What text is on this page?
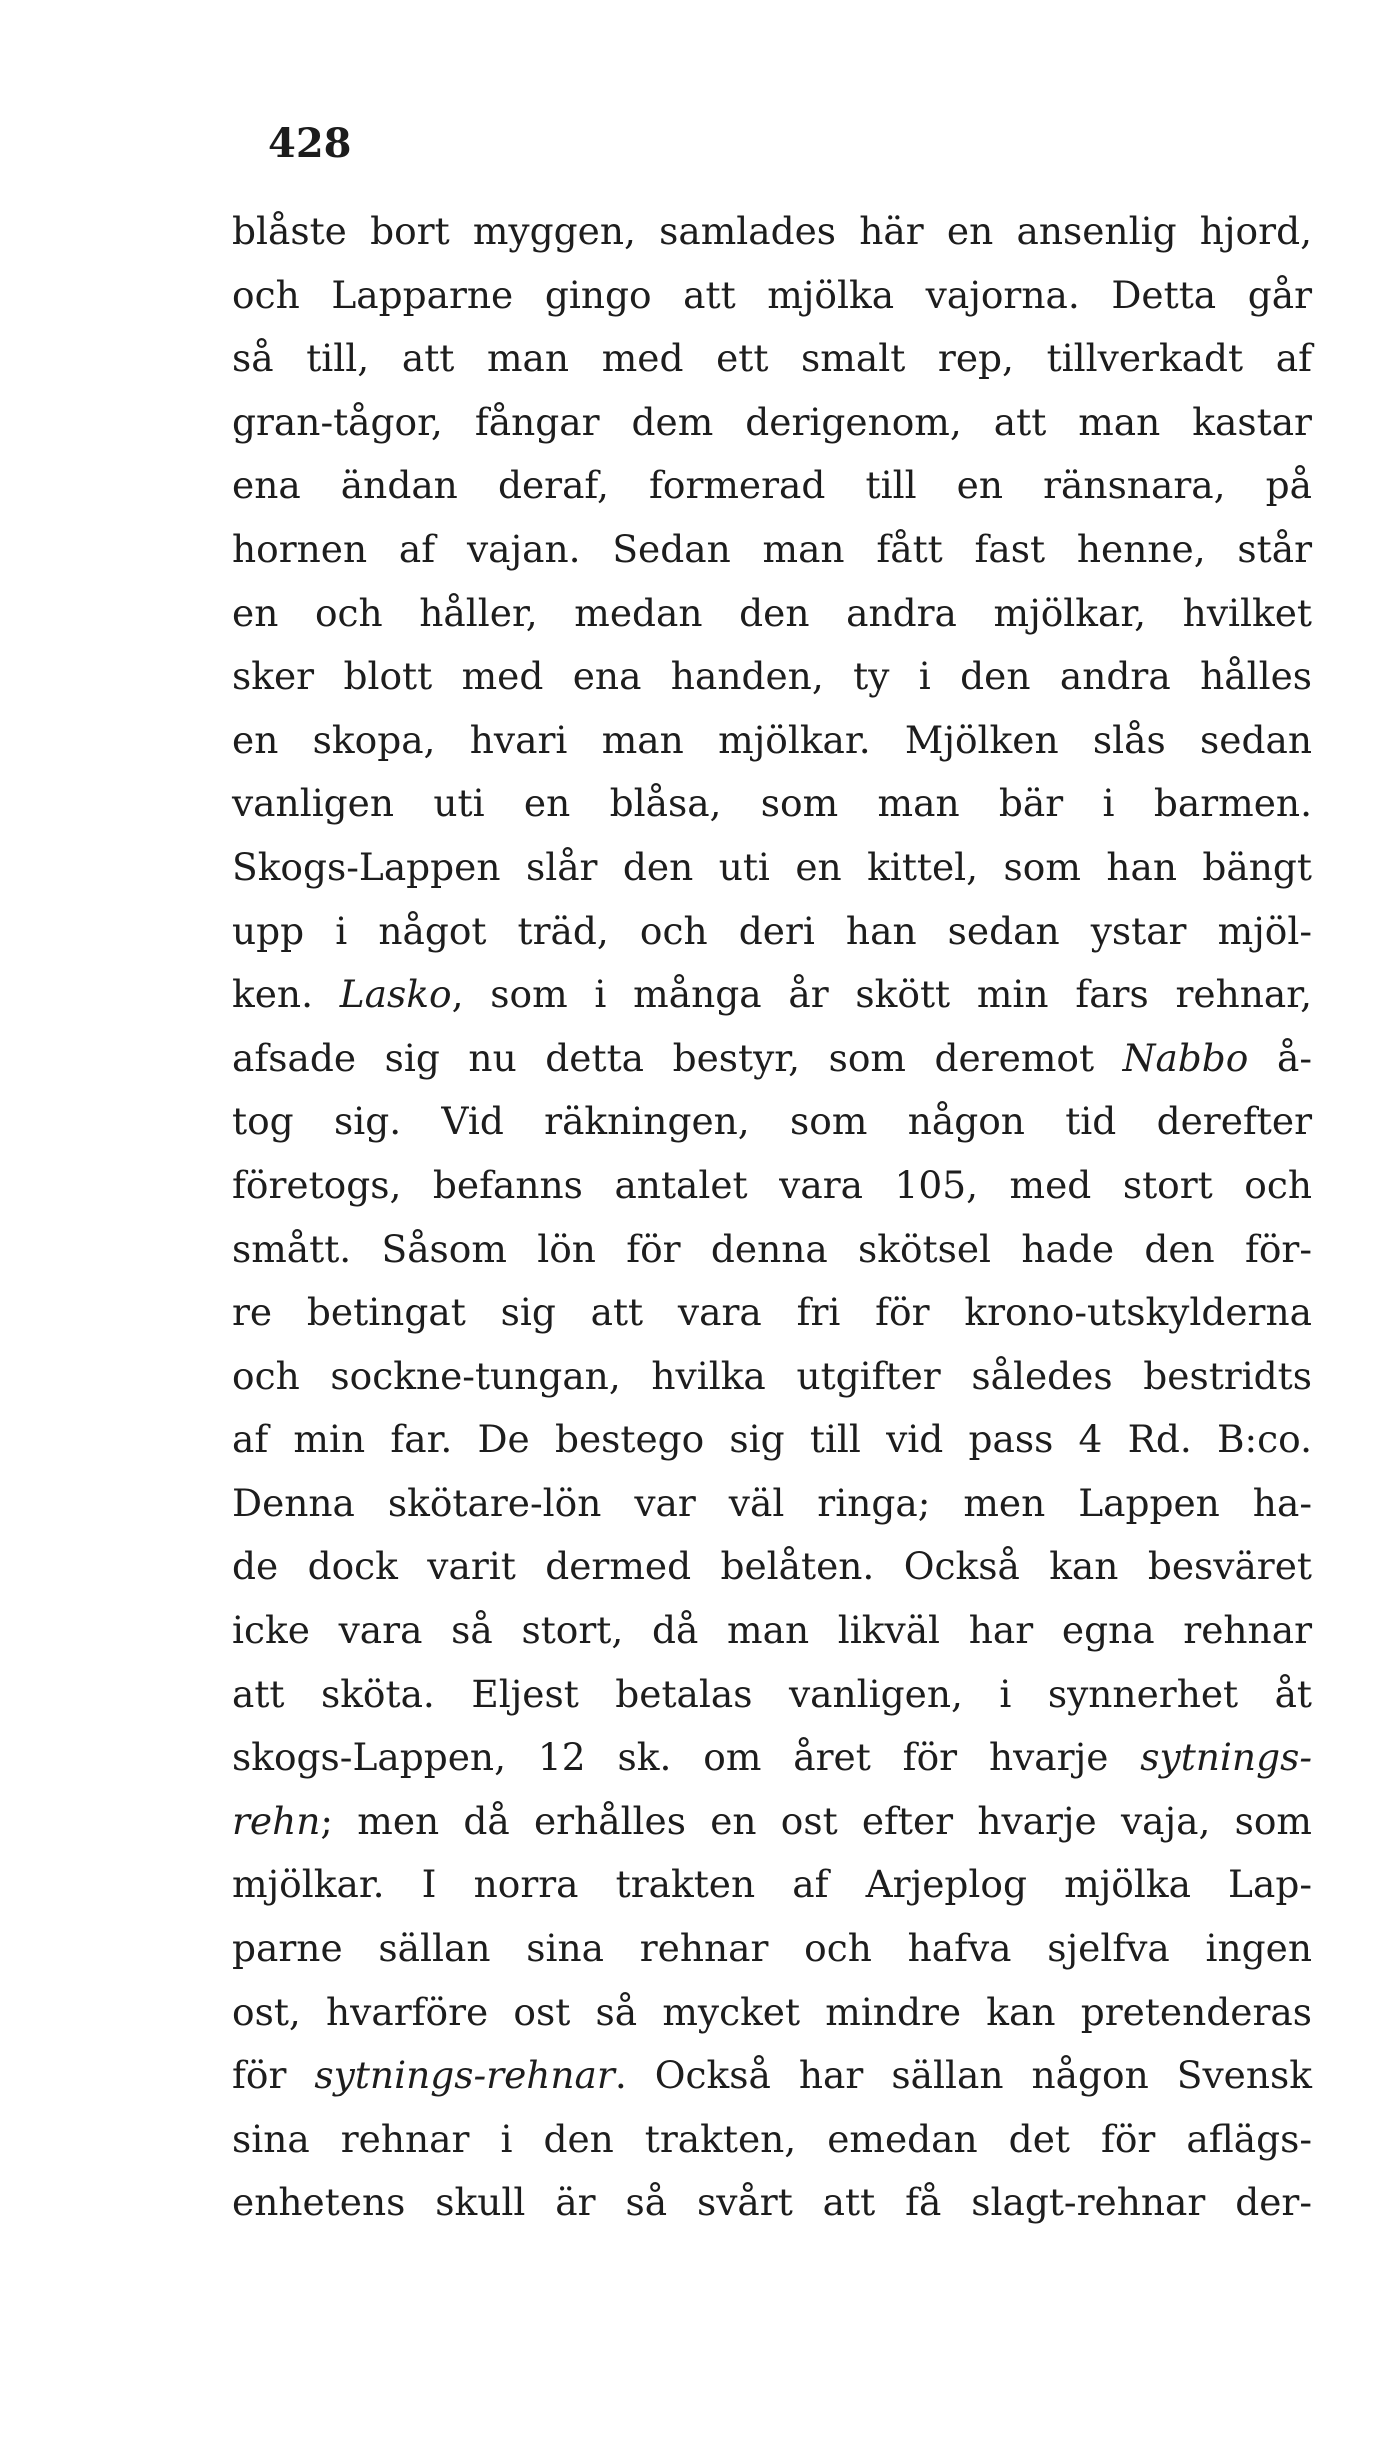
428
blåste bort myggen, samlades här en ansenlig hjord,
och Lapparne gingo att mjölka vajorna. Detta går
så till, att man med ett smalt rep, tillverkadt af
gran-tågor, fångar dem derigenom, att man kastar
ena ändan deraf, formerad till en ränsnara, på
hornen af vajan. Sedan man fått fast henne, står
en och håller, medan den andra mjölkar, hvilket
sker blott med ena handen, ty i den andra hålles
en skopa, hvari man mjölkar. Mjölken slås sedan
vanligen uti en blåsa, som man bär i barmen.
Skogs-Lappen slår den uti en kittel, som han bängt
upp i något träd, och deri han sedan ystar mjöl-
ken. Lasko, som i många år skött min fars rehnar,
afsade sig nu detta bestyr, som deremot Nabbo å-
tog sig. Vid räkningen, som någon tid derefter
företogs, befanns antalet vara 105, med stort och
smått. Såsom lön för denna skötsel hade den för-
re betingat sig att vara fri för krono-utskylderna
och sockne-tungan, hvilka utgifter således bestridts
af min far. De bestego sig till vid pass 4 Rd. B:co.
Denna skötare-lön var väl ringa; men Lappen ha-
de dock varit dermed belåten. Också kan besväret
icke vara så stort, då man likväl har egna rehnar
att sköta. Eljest betalas vanligen, i synnerhet åt
skogs-Lappen, 12 sk. om året för hvarje sytnings-
rehn; men då erhålles en ost efter hvarje vaja, som
mjölkar. I norra trakten af Arjeplog mjölka Lap-
parne sällan sina rehnar och hafva sjelfva ingen
ost, hvarföre ost så mycket mindre kan pretenderas
för sytnings-rehnar. Också har sällan någon Svensk
sina rehnar i den trakten, emedan det för aflägs-
enhetens skull är så svårt att få slagt-rehnar der-
